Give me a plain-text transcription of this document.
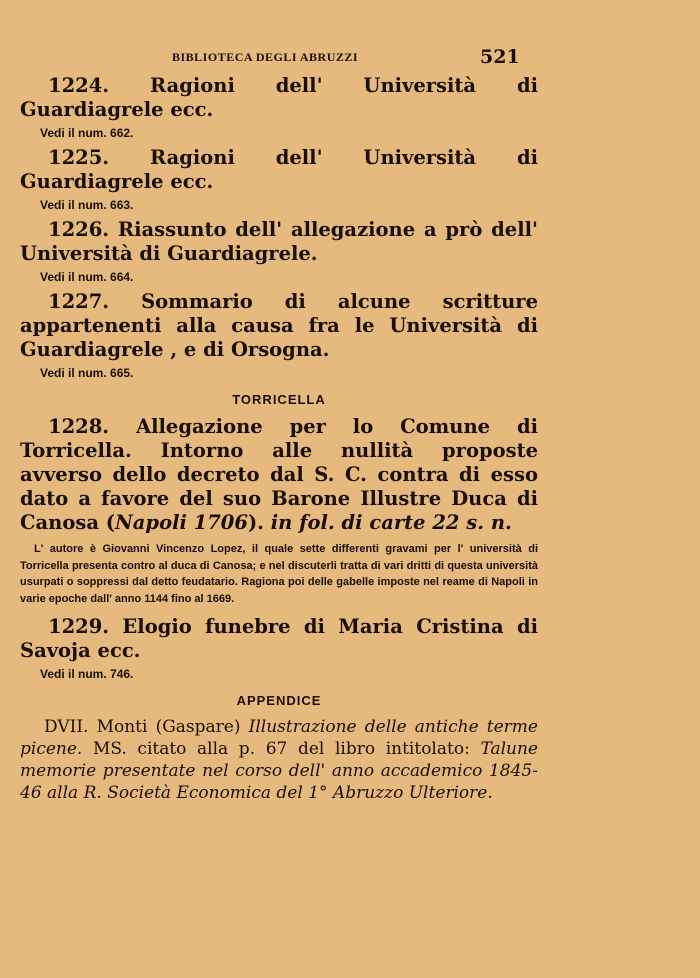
BIBLIOTECA DEGLI ABRUZZI	521

1224. Ragioni dell' Università di Guardiagrele ecc.

Vedi il num. 662.

1225. Ragioni dell' Università di Guardiagrele ecc.

Vedi il num. 663.

1226. Riassunto dell' allegazione a prò dell' Università di Guardiagrele.

Vedi il num. 664.

1227. Sommario di alcune scritture appartenenti alla causa fra le Università di Guardiagrele , e di Orsogna.

Vedi il num. 665.
TORRICELLA

1228. Allegazione per lo Comune di Torricella. Intorno alle nullità proposte avverso dello decreto dal S. C. contra di esso dato a favore del suo Barone Illustre Duca di Canosa (Napoli 1706). in fol. di carte 22 s. n.

L' autore è Giovanni Vincenzo Lopez, il quale sette differenti gravami per l' università di Torricella presenta contro al duca di Canosa; e nel discuterli tratta di vari dritti di questa università usurpati o soppressi dal detto feudatario. Ragiona poi delle gabelle imposte nel reame di Napoli in varie epoche dall' anno 1144 fino al 1669.

1229. Elogio funebre di Maria Cristina di Savoja ecc.

Vedi il num. 746.
APPENDICE

DVII. Monti (Gaspare) Illustrazione delle antiche terme picene. MS. citato alla p. 67 del libro intitolato: Talune memorie presentate nel corso dell' anno accademico 1845-46 alla R. Società Economica del 1° Abruzzo Ulteriore.
